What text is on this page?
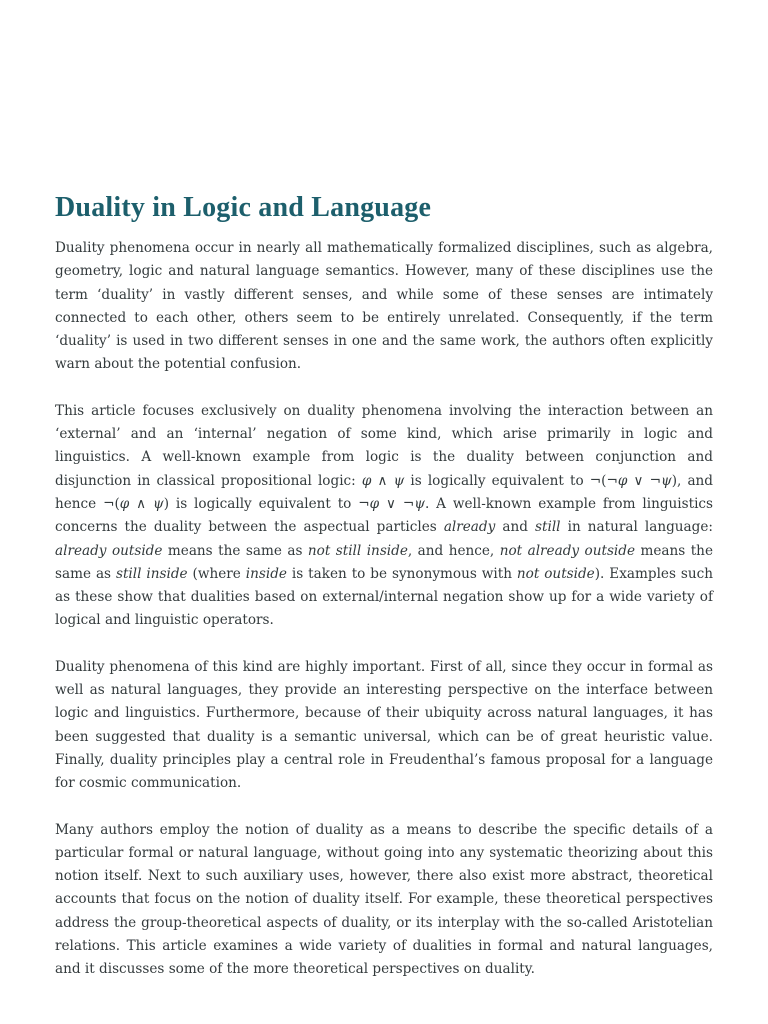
Duality in Logic and Language

Duality phenomena occur in nearly all mathematically formalized disciplines, such as algebra, geometry, logic and natural language semantics. However, many of these disciplines use the term ‘duality’ in vastly different senses, and while some of these senses are intimately connected to each other, others seem to be entirely unrelated. Consequently, if the term ‘duality’ is used in two different senses in one and the same work, the authors often explicitly warn about the potential confusion.

This article focuses exclusively on duality phenomena involving the interaction between an ‘external’ and an ‘internal’ negation of some kind, which arise primarily in logic and linguistics. A well-known example from logic is the duality between conjunction and disjunction in classical propositional logic: φ ∧ ψ is logically equivalent to ¬(¬φ ∨ ¬ψ), and hence ¬(φ ∧ ψ) is logically equivalent to ¬φ ∨ ¬ψ. A well-known example from linguistics concerns the duality between the aspectual particles already and still in natural language: already outside means the same as not still inside, and hence, not already outside means the same as still inside (where inside is taken to be synonymous with not outside). Examples such as these show that dualities based on external/internal negation show up for a wide variety of logical and linguistic operators.

Duality phenomena of this kind are highly important. First of all, since they occur in formal as well as natural languages, they provide an interesting perspective on the interface between logic and linguistics. Furthermore, because of their ubiquity across natural languages, it has been suggested that duality is a semantic universal, which can be of great heuristic value. Finally, duality principles play a central role in Freudenthal’s famous proposal for a language for cosmic communication.

Many authors employ the notion of duality as a means to describe the specific details of a particular formal or natural language, without going into any systematic theorizing about this notion itself. Next to such auxiliary uses, however, there also exist more abstract, theoretical accounts that focus on the notion of duality itself. For example, these theoretical perspectives address the group-theoretical aspects of duality, or its interplay with the so-called Aristotelian relations. This article examines a wide variety of dualities in formal and natural languages, and it discusses some of the more theoretical perspectives on duality.
